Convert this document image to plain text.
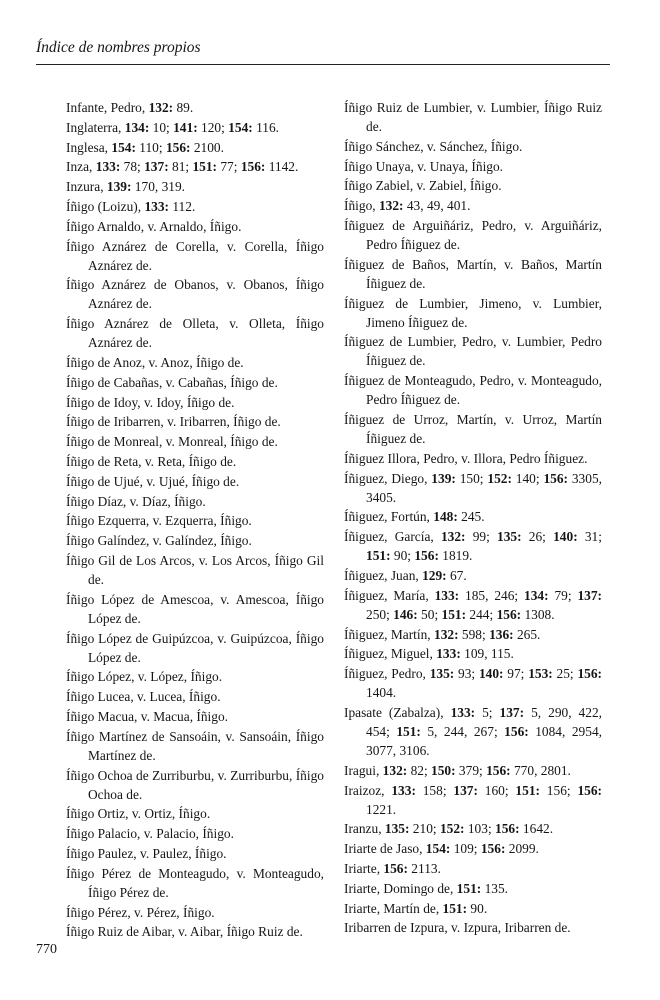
Índice de nombres propios
Infante, Pedro, 132: 89.
Inglaterra, 134: 10; 141: 120; 154: 116.
Inglesa, 154: 110; 156: 2100.
Inza, 133: 78; 137: 81; 151: 77; 156: 1142.
Inzura, 139: 170, 319.
Íñigo (Loizu), 133: 112.
Íñigo Arnaldo, v. Arnaldo, Íñigo.
Íñigo Aznárez de Corella, v. Corella, Íñigo Aznárez de.
Íñigo Aznárez de Obanos, v. Obanos, Íñigo Aznárez de.
Íñigo Aznárez de Olleta, v. Olleta, Íñigo Aznárez de.
Íñigo de Anoz, v. Anoz, Íñigo de.
Íñigo de Cabañas, v. Cabañas, Íñigo de.
Íñigo de Idoy, v. Idoy, Íñigo de.
Íñigo de Iribarren, v. Iribarren, Íñigo de.
Íñigo de Monreal, v. Monreal, Íñigo de.
Íñigo de Reta, v. Reta, Íñigo de.
Íñigo de Ujué, v. Ujué, Íñigo de.
Íñigo Díaz, v. Díaz, Íñigo.
Íñigo Ezquerra, v. Ezquerra, Íñigo.
Íñigo Galíndez, v. Galíndez, Íñigo.
Íñigo Gil de Los Arcos, v. Los Arcos, Íñigo Gil de.
Íñigo López de Amescoa, v. Amescoa, Íñigo López de.
Íñigo López de Guipúzcoa, v. Guipúzcoa, Íñigo López de.
Íñigo López, v. López, Íñigo.
Íñigo Lucea, v. Lucea, Íñigo.
Íñigo Macua, v. Macua, Íñigo.
Íñigo Martínez de Sansoáin, v. Sansoáin, Íñigo Martínez de.
Íñigo Ochoa de Zurriburbu, v. Zurriburbu, Íñigo Ochoa de.
Íñigo Ortiz, v. Ortiz, Íñigo.
Íñigo Palacio, v. Palacio, Íñigo.
Íñigo Paulez, v. Paulez, Íñigo.
Íñigo Pérez de Monteagudo, v. Monteagudo, Íñigo Pérez de.
Íñigo Pérez, v. Pérez, Íñigo.
Íñigo Ruiz de Aibar, v. Aibar, Íñigo Ruiz de.
Íñigo Ruiz de Lumbier, v. Lumbier, Íñigo Ruiz de.
Íñigo Sánchez, v. Sánchez, Íñigo.
Íñigo Unaya, v. Unaya, Íñigo.
Íñigo Zabiel, v. Zabiel, Íñigo.
Íñigo, 132: 43, 49, 401.
Íñiguez de Arguiñáriz, Pedro, v. Arguiñáriz, Pedro Íñiguez de.
Íñiguez de Baños, Martín, v. Baños, Martín Íñiguez de.
Íñiguez de Lumbier, Jimeno, v. Lumbier, Jimeno Íñiguez de.
Íñiguez de Lumbier, Pedro, v. Lumbier, Pedro Íñiguez de.
Íñiguez de Monteagudo, Pedro, v. Monteagudo, Pedro Íñiguez de.
Íñiguez de Urroz, Martín, v. Urroz, Martín Íñiguez de.
Íñiguez Illora, Pedro, v. Illora, Pedro Íñiguez.
Íñiguez, Diego, 139: 150; 152: 140; 156: 3305, 3405.
Íñiguez, Fortún, 148: 245.
Íñiguez, García, 132: 99; 135: 26; 140: 31; 151: 90; 156: 1819.
Íñiguez, Juan, 129: 67.
Íñiguez, María, 133: 185, 246; 134: 79; 137: 250; 146: 50; 151: 244; 156: 1308.
Íñiguez, Martín, 132: 598; 136: 265.
Íñiguez, Miguel, 133: 109, 115.
Íñiguez, Pedro, 135: 93; 140: 97; 153: 25; 156: 1404.
Ipasate (Zabalza), 133: 5; 137: 5, 290, 422, 454; 151: 5, 244, 267; 156: 1084, 2954, 3077, 3106.
Iragui, 132: 82; 150: 379; 156: 770, 2801.
Iraizoz, 133: 158; 137: 160; 151: 156; 156: 1221.
Iranzu, 135: 210; 152: 103; 156: 1642.
Iriarte de Jaso, 154: 109; 156: 2099.
Iriarte, 156: 2113.
Iriarte, Domingo de, 151: 135.
Iriarte, Martín de, 151: 90.
Iribarren de Izpura, v. Izpura, Iribarren de.
770
